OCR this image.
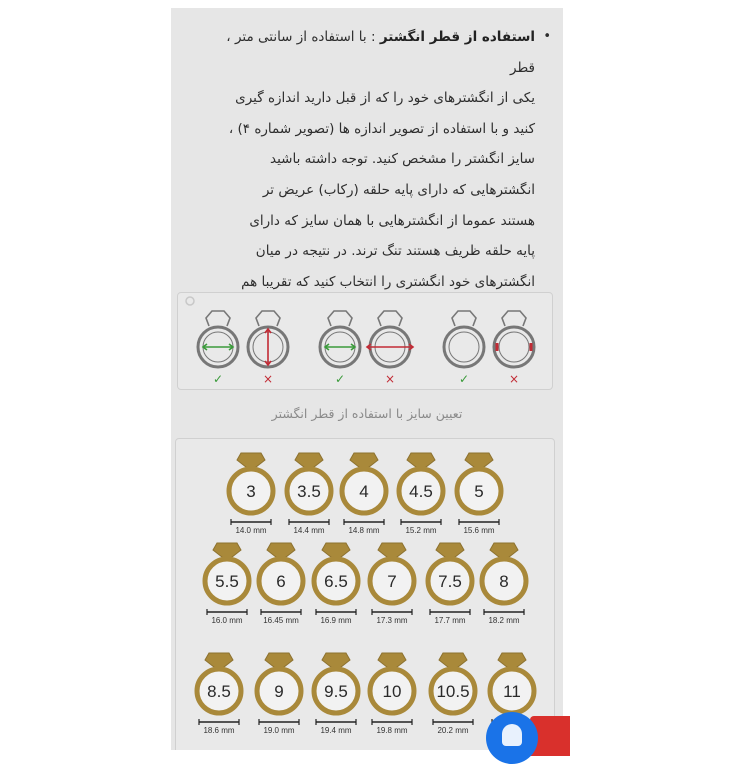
•
استفاده از قطر انگشتر : با استفاده از سانتی متر ، قطر
یکی از انگشترهای خود را که از قبل دارید اندازه گیری
کنید و با استفاده از تصویر اندازه ها (تصویر شماره ۴) ،
سایز انگشتر را مشخص کنید. توجه داشته باشید
انگشترهایی که دارای پایه حلقه (رکاب) عریض تر
هستند عموما از انگشترهایی با همان سایز که دارای
پایه حلقه ظریف هستند تنگ ترند. در نتیجه در میان
انگشترهای خود انگشتری را انتخاب کنید که تقریبا هم
✓	×	✓	×	✓	×
تعیین سایز با استفاده از قطر انگشتر
3
14.0 mm
3.5
14.4 mm
4
14.8 mm
4.5
15.2 mm
5
15.6 mm
5.5
16.0 mm
6
16.45 mm
6.5
16.9 mm
7
17.3 mm
7.5
17.7 mm
8
18.2 mm
8.5
18.6 mm
9
19.0 mm
9.5
19.4 mm
10
19.8 mm
10.5
20.2 mm
11
